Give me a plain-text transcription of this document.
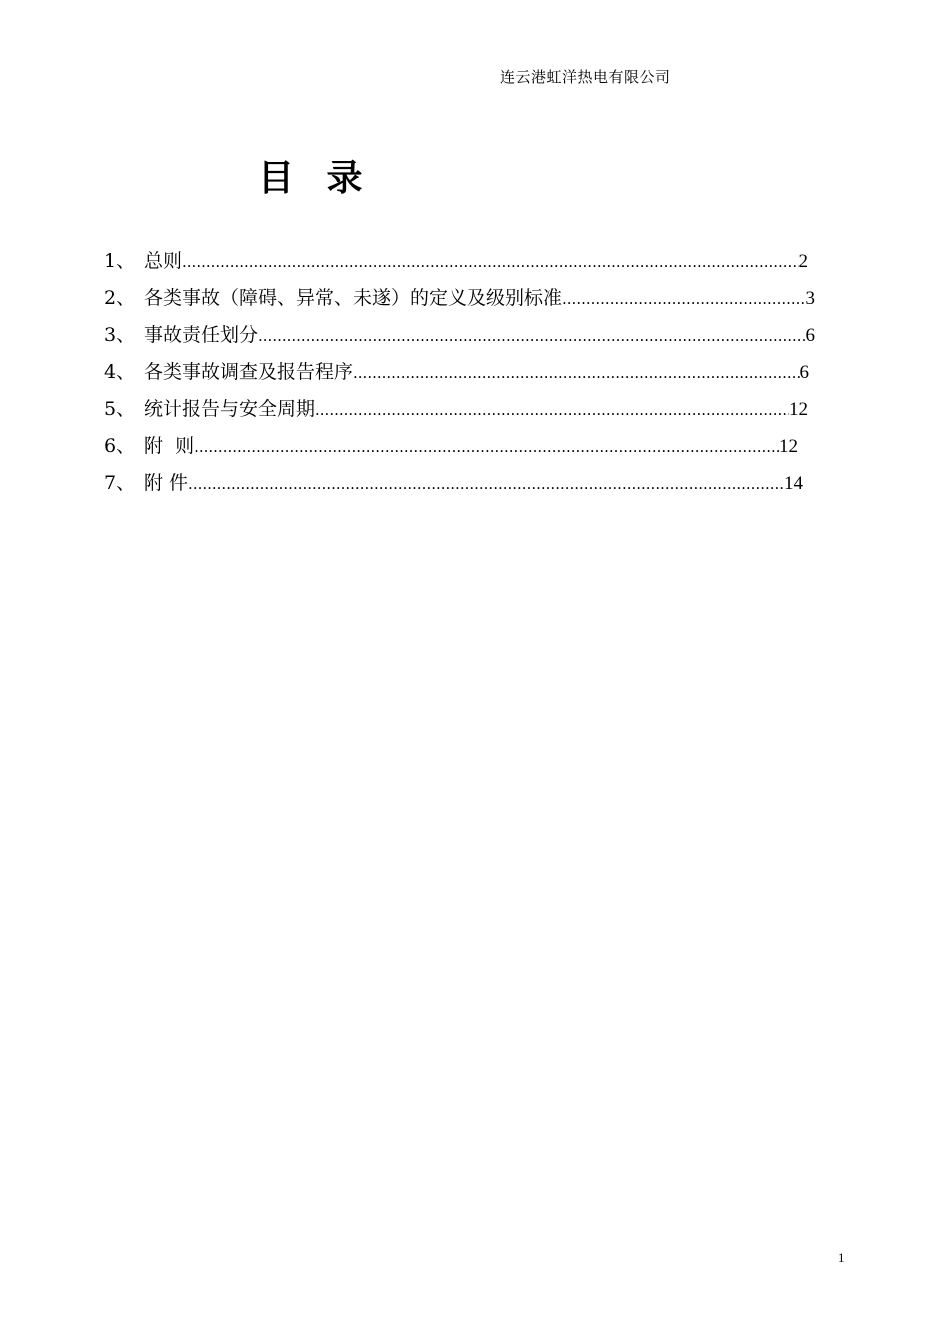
连云港虹洋热电有限公司
目 录
1、 总则 .....	2
2、 各类事故（障碍、异常、未遂）的定义及级别标准 .....	3
3、 事故责任划分 .....	6
4、 各类事故调查及报告程序 .....	6
5、 统计报告与安全周期 .....	12
6、 附  则 .....	12
7、 附 件 .....	14
1
